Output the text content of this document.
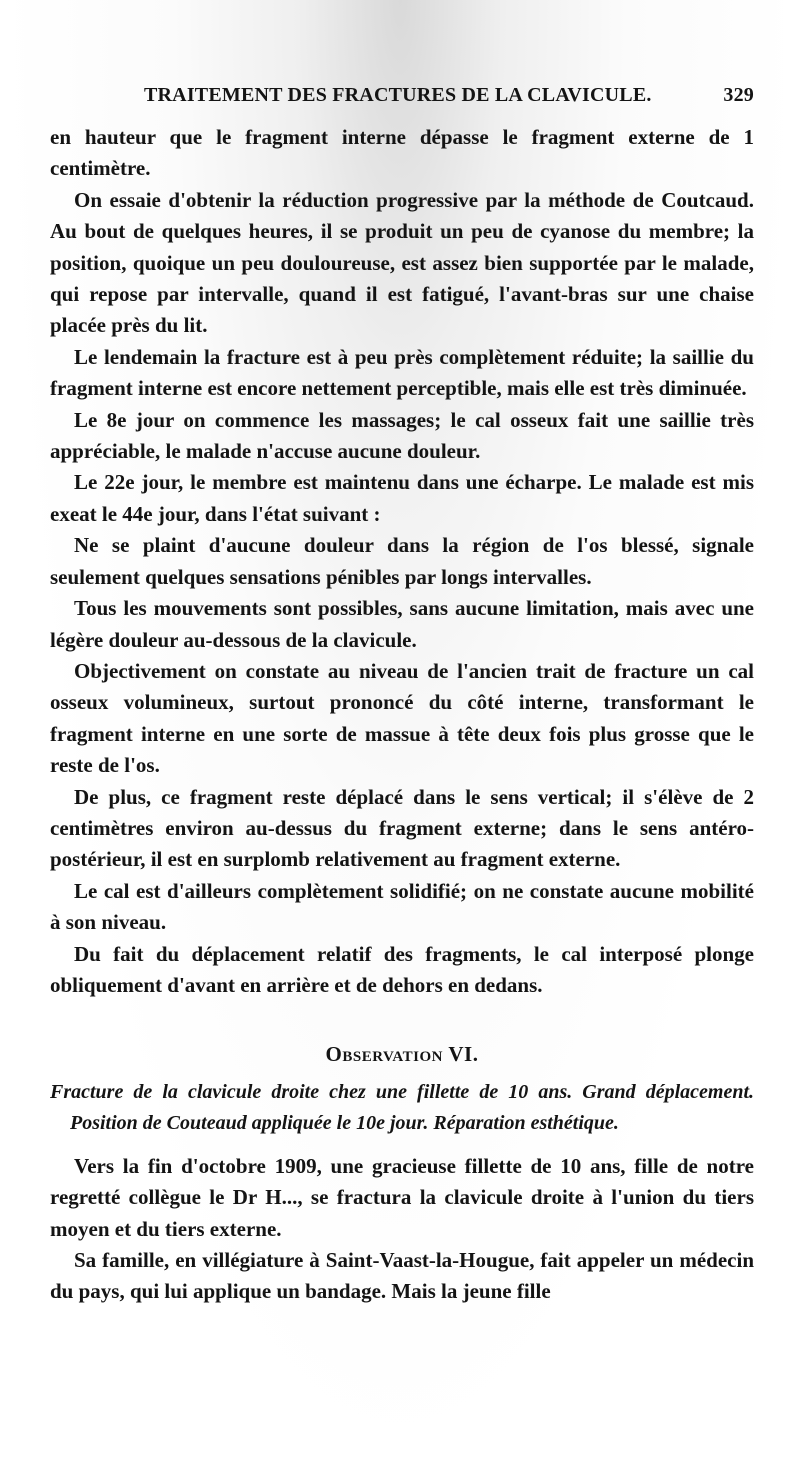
TRAITEMENT DES FRACTURES DE LA CLAVICULE.	329

en hauteur que le fragment interne dépasse le fragment externe de 1 centimètre.

On essaie d'obtenir la réduction progressive par la méthode de Coutcaud. Au bout de quelques heures, il se produit un peu de cyanose du membre; la position, quoique un peu douloureuse, est assez bien supportée par le malade, qui repose par intervalle, quand il est fatigué, l'avant-bras sur une chaise placée près du lit.

Le lendemain la fracture est à peu près complètement réduite; la saillie du fragment interne est encore nettement perceptible, mais elle est très diminuée.

Le 8e jour on commence les massages; le cal osseux fait une saillie très appréciable, le malade n'accuse aucune douleur.

Le 22e jour, le membre est maintenu dans une écharpe. Le malade est mis exeat le 44e jour, dans l'état suivant :

Ne se plaint d'aucune douleur dans la région de l'os blessé, signale seulement quelques sensations pénibles par longs intervalles.

Tous les mouvements sont possibles, sans aucune limitation, mais avec une légère douleur au-dessous de la clavicule.

Objectivement on constate au niveau de l'ancien trait de fracture un cal osseux volumineux, surtout prononcé du côté interne, transformant le fragment interne en une sorte de massue à tête deux fois plus grosse que le reste de l'os.

De plus, ce fragment reste déplacé dans le sens vertical; il s'élève de 2 centimètres environ au-dessus du fragment externe; dans le sens antéro-postérieur, il est en surplomb relativement au fragment externe.

Le cal est d'ailleurs complètement solidifié; on ne constate aucune mobilité à son niveau.

Du fait du déplacement relatif des fragments, le cal interposé plonge obliquement d'avant en arrière et de dehors en dedans.

Observation VI.

Fracture de la clavicule droite chez une fillette de 10 ans. Grand déplacement. Position de Couteaud appliquée le 10e jour. Réparation esthétique.

Vers la fin d'octobre 1909, une gracieuse fillette de 10 ans, fille de notre regretté collègue le Dr H..., se fractura la clavicule droite à l'union du tiers moyen et du tiers externe.

Sa famille, en villégiature à Saint-Vaast-la-Hougue, fait appeler un médecin du pays, qui lui applique un bandage. Mais la jeune fille
